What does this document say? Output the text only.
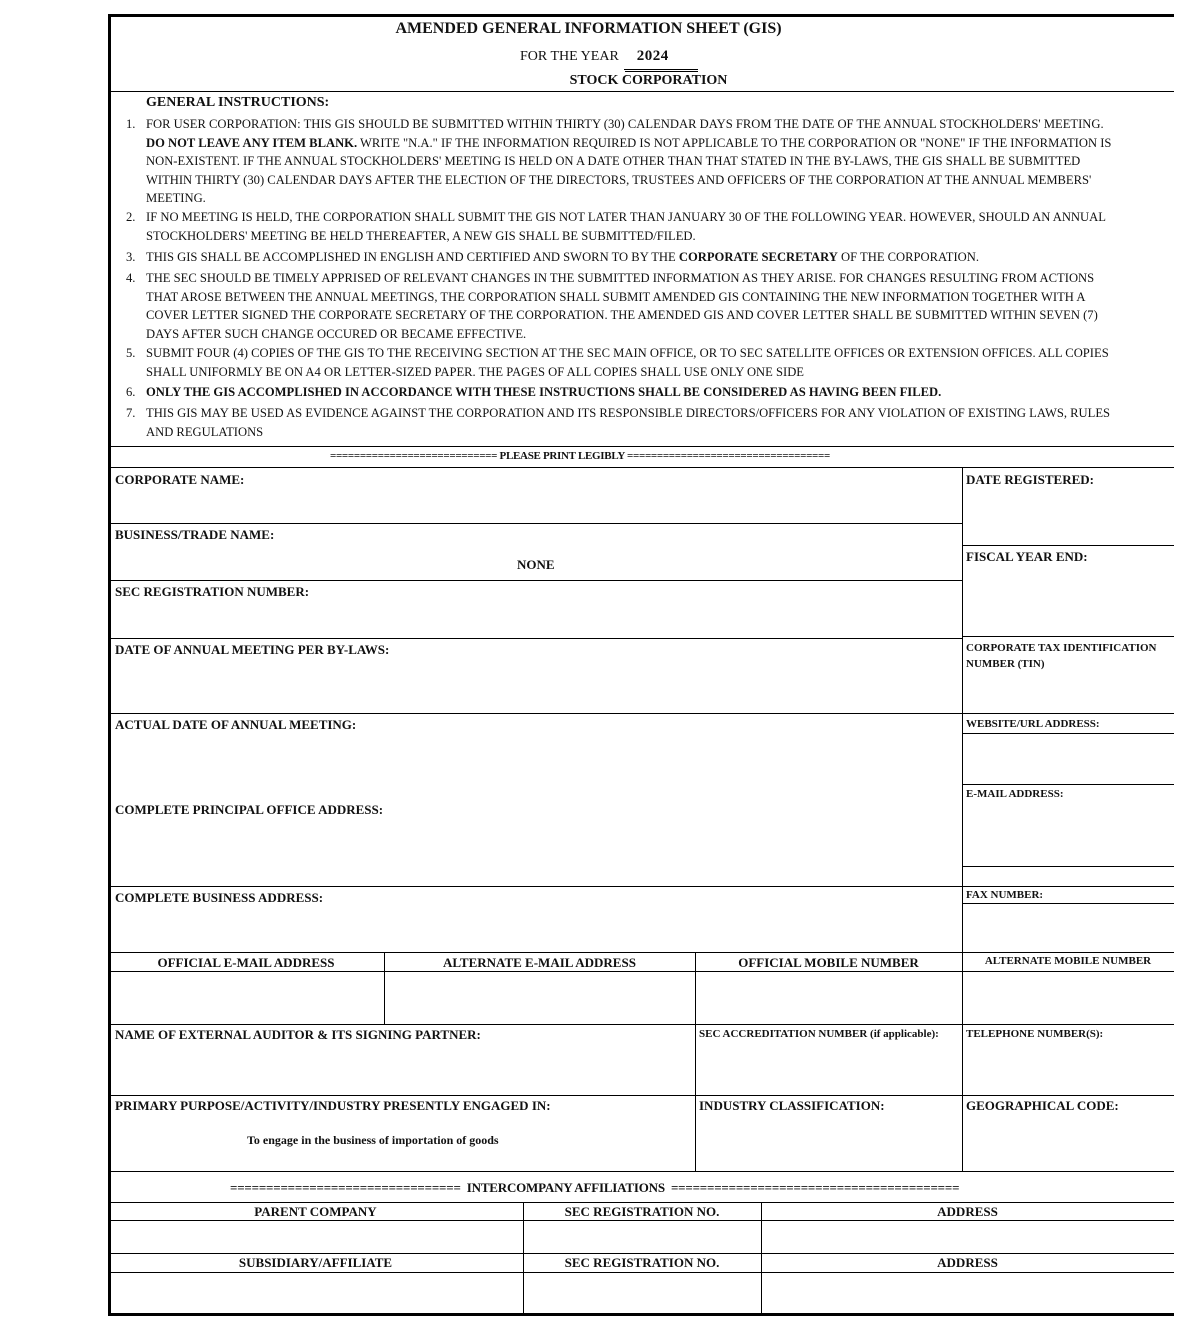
AMENDED GENERAL INFORMATION SHEET (GIS)
FOR THE YEAR 2024
STOCK CORPORATION
GENERAL INSTRUCTIONS:
1. FOR USER CORPORATION: THIS GIS SHOULD BE SUBMITTED WITHIN THIRTY (30) CALENDAR DAYS FROM THE DATE OF THE ANNUAL STOCKHOLDERS' MEETING.
DO NOT LEAVE ANY ITEM BLANK. WRITE "N.A." IF THE INFORMATION REQUIRED IS NOT APPLICABLE TO THE CORPORATION OR "NONE" IF THE INFORMATION IS
NON-EXISTENT. IF THE ANNUAL STOCKHOLDERS' MEETING IS HELD ON A DATE OTHER THAN THAT STATED IN THE BY-LAWS, THE GIS SHALL BE SUBMITTED
WITHIN THIRTY (30) CALENDAR DAYS AFTER THE ELECTION OF THE DIRECTORS, TRUSTEES AND OFFICERS OF THE CORPORATION AT THE ANNUAL MEMBERS'
MEETING.
2. IF NO MEETING IS HELD, THE CORPORATION SHALL SUBMIT THE GIS NOT LATER THAN JANUARY 30 OF THE FOLLOWING YEAR. HOWEVER, SHOULD AN ANNUAL
STOCKHOLDERS' MEETING BE HELD THEREAFTER, A NEW GIS SHALL BE SUBMITTED/FILED.
3. THIS GIS SHALL BE ACCOMPLISHED IN ENGLISH AND CERTIFIED AND SWORN TO BY THE CORPORATE SECRETARY OF THE CORPORATION.
4. THE SEC SHOULD BE TIMELY APPRISED OF RELEVANT CHANGES IN THE SUBMITTED INFORMATION AS THEY ARISE. FOR CHANGES RESULTING FROM ACTIONS
THAT AROSE BETWEEN THE ANNUAL MEETINGS, THE CORPORATION SHALL SUBMIT AMENDED GIS CONTAINING THE NEW INFORMATION TOGETHER WITH A
COVER LETTER SIGNED THE CORPORATE SECRETARY OF THE CORPORATION. THE AMENDED GIS AND COVER LETTER SHALL BE SUBMITTED WITHIN SEVEN (7)
DAYS AFTER SUCH CHANGE OCCURED OR BECAME EFFECTIVE.
5. SUBMIT FOUR (4) COPIES OF THE GIS TO THE RECEIVING SECTION AT THE SEC MAIN OFFICE, OR TO SEC SATELLITE OFFICES OR EXTENSION OFFICES. ALL COPIES
SHALL UNIFORMLY BE ON A4 OR LETTER-SIZED PAPER. THE PAGES OF ALL COPIES SHALL USE ONLY ONE SIDE
6. ONLY THE GIS ACCOMPLISHED IN ACCORDANCE WITH THESE INSTRUCTIONS SHALL BE CONSIDERED AS HAVING BEEN FILED.
7. THIS GIS MAY BE USED AS EVIDENCE AGAINST THE CORPORATION AND ITS RESPONSIBLE DIRECTORS/OFFICERS FOR ANY VIOLATION OF EXISTING LAWS, RULES
AND REGULATIONS
============================ PLEASE PRINT LEGIBLY ==================================
CORPORATE NAME:
BUSINESS/TRADE NAME:
NONE
SEC REGISTRATION NUMBER:
DATE OF ANNUAL MEETING PER BY-LAWS:
ACTUAL DATE OF ANNUAL MEETING:
COMPLETE PRINCIPAL OFFICE ADDRESS:
COMPLETE BUSINESS ADDRESS:
DATE REGISTERED:
FISCAL YEAR END:
CORPORATE TAX IDENTIFICATION NUMBER (TIN)
WEBSITE/URL ADDRESS:
E-MAIL ADDRESS:
FAX NUMBER:
OFFICIAL E-MAIL ADDRESS	ALTERNATE E-MAIL ADDRESS	OFFICIAL MOBILE NUMBER	ALTERNATE MOBILE NUMBER
NAME OF EXTERNAL AUDITOR & ITS SIGNING PARTNER:	SEC ACCREDITATION NUMBER (if applicable): TELEPHONE NUMBER(S):
PRIMARY PURPOSE/ACTIVITY/INDUSTRY PRESENTLY ENGAGED IN:
To engage in the business of importation of goods
INDUSTRY CLASSIFICATION:	GEOGRAPHICAL CODE:
================================ INTERCOMPANY AFFILIATIONS ========================================
PARENT COMPANY	SEC REGISTRATION NO.	ADDRESS
SUBSIDIARY/AFFILIATE	SEC REGISTRATION NO.	ADDRESS
